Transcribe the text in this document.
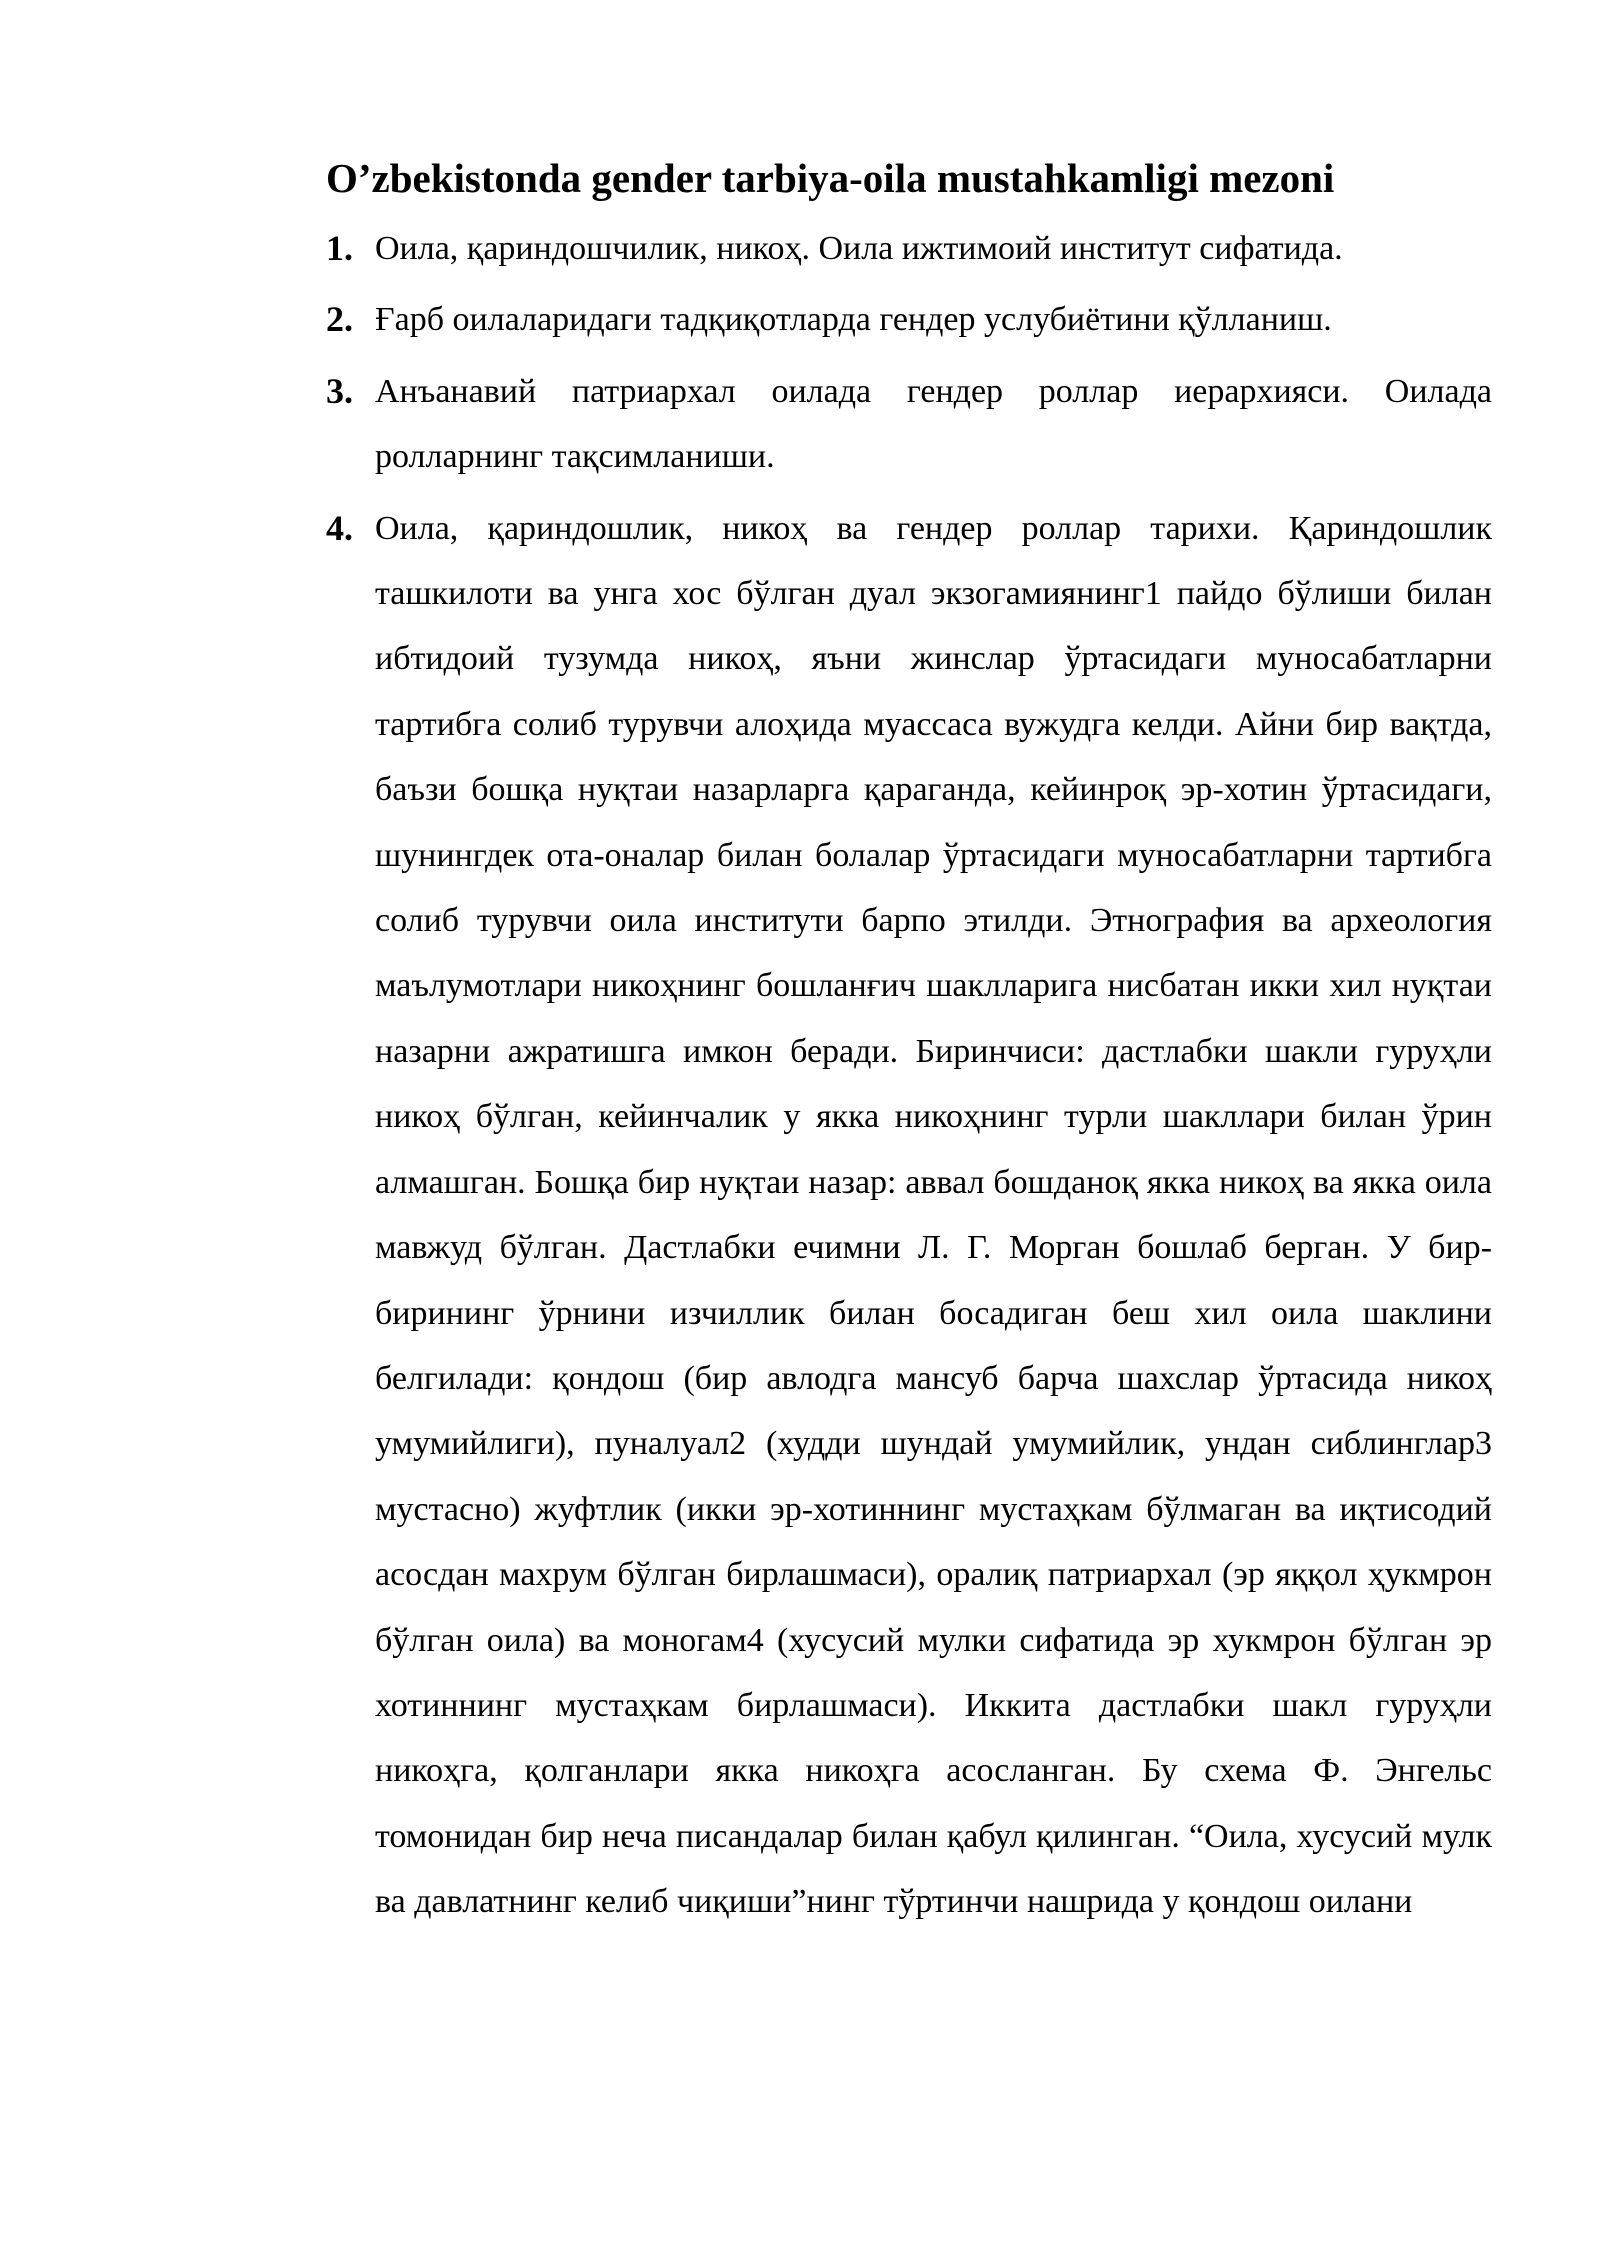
O’zbekistonda gender tarbiya-oila mustahkamligi mezoni
1. Оила, қариндошчилик, никоҳ. Оила ижтимоий институт сифатида.
2. Ғарб оилаларидаги тадқиқотларда гендер услубиётини қўлланиш.
3. Анъанавий патриархал оилада гендер роллар иерархияси. Оилада ролларнинг тақсимланиши.
4. Оила, қариндошлик, никоҳ ва гендер роллар тарихи. Қариндошлик ташкилоти ва унга хос бўлган дуал экзогамиянинг1 пайдо бўлиши билан ибтидоий тузумда никоҳ, яъни жинслар ўртасидаги муносабатларни тартибга солиб турувчи алоҳида муассаса вужудга келди. Айни бир вақтда, баъзи бошқа нуқтаи назарларга қараганда, кейинроқ эр-хотин ўртасидаги, шунингдек ота-оналар билан болалар ўртасидаги муносабатларни тартибга солиб турувчи оила институти барпо этилди. Этнография ва археология маълумотлари никоҳнинг бошланғич шаклларига нисбатан икки хил нуқтаи назарни ажратишга имкон беради. Биринчиси: дастлабки шакли гуруҳли никоҳ бўлган, кейинчалик у якка никоҳнинг турли шакллари билан ўрин алмашган. Бошқа бир нуқтаи назар: аввал бошданоқ якка никоҳ ва якка оила мавжуд бўлган. Дастлабки ечимни Л. Г. Морган бошлаб берган. У бир-бирининг ўрнини изчиллик билан босадиган беш хил оила шаклини белгилади: қондош (бир авлодга мансуб барча шахслар ўртасида никоҳ умумийлиги), пуналуал2 (худди шундай умумийлик, ундан сиблинглар3 мустасно) жуфтлик (икки эр-хотиннинг мустаҳкам бўлмаган ва иқтисодий асосдан махрум бўлган бирлашмаси), оралиқ патриархал (эр яққол ҳукмрон бўлган оила) ва моногам4 (хусусий мулки сифатида эр хукмрон бўлган эр хотиннинг мустаҳкам бирлашмаси). Иккита дастлабки шакл гуруҳли никоҳга, қолганлари якка никоҳга асосланган. Бу схема Ф. Энгельс томонидан бир неча писандалар билан қабул қилинган. “Оила, хусусий мулк ва давлатнинг келиб чиқиши”нинг тўртинчи нашрида у қондош оилани
